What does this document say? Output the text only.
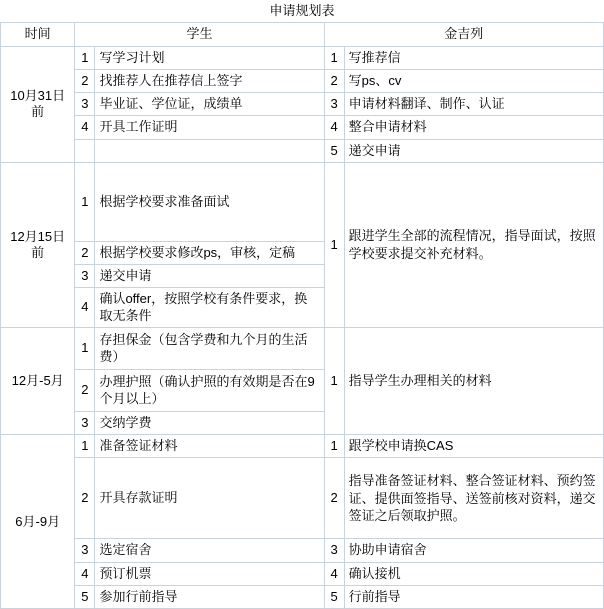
申请规划表				
时间	学生		金吉列	
10月31日前	1	写学习计划	1	写推荐信
	2	找推荐人在推荐信上签字	2	写ps、cv
	3	毕业证、学位证，成绩单	3	申请材料翻译、制作、认证
	4	开具工作证明	4	整合申请材料
			5	递交申请
12月15日前	1	根据学校要求准备面试	1	跟进学生全部的流程情况，指导面试，按照学校要求提交补充材料。
	2	根据学校要求修改ps，审核，定稿		
	3	递交申请		
	4	确认offer，按照学校有条件要求，换取无条件		
12月-5月	1	存担保金（包含学费和九个月的生活费）	1	指导学生办理相关的材料
	2	办理护照（确认护照的有效期是否在9个月以上）		
	3	交纳学费		
6月-9月	1	准备签证材料	1	跟学校申请换CAS
	2	开具存款证明	2	指导准备签证材料、整合签证材料、预约签证、提供面签指导、送签前核对资料，递交签证之后领取护照。
	3	选定宿舍	3	协助申请宿舍
	4	预订机票	4	确认接机
	5	参加行前指导	5	行前指导
